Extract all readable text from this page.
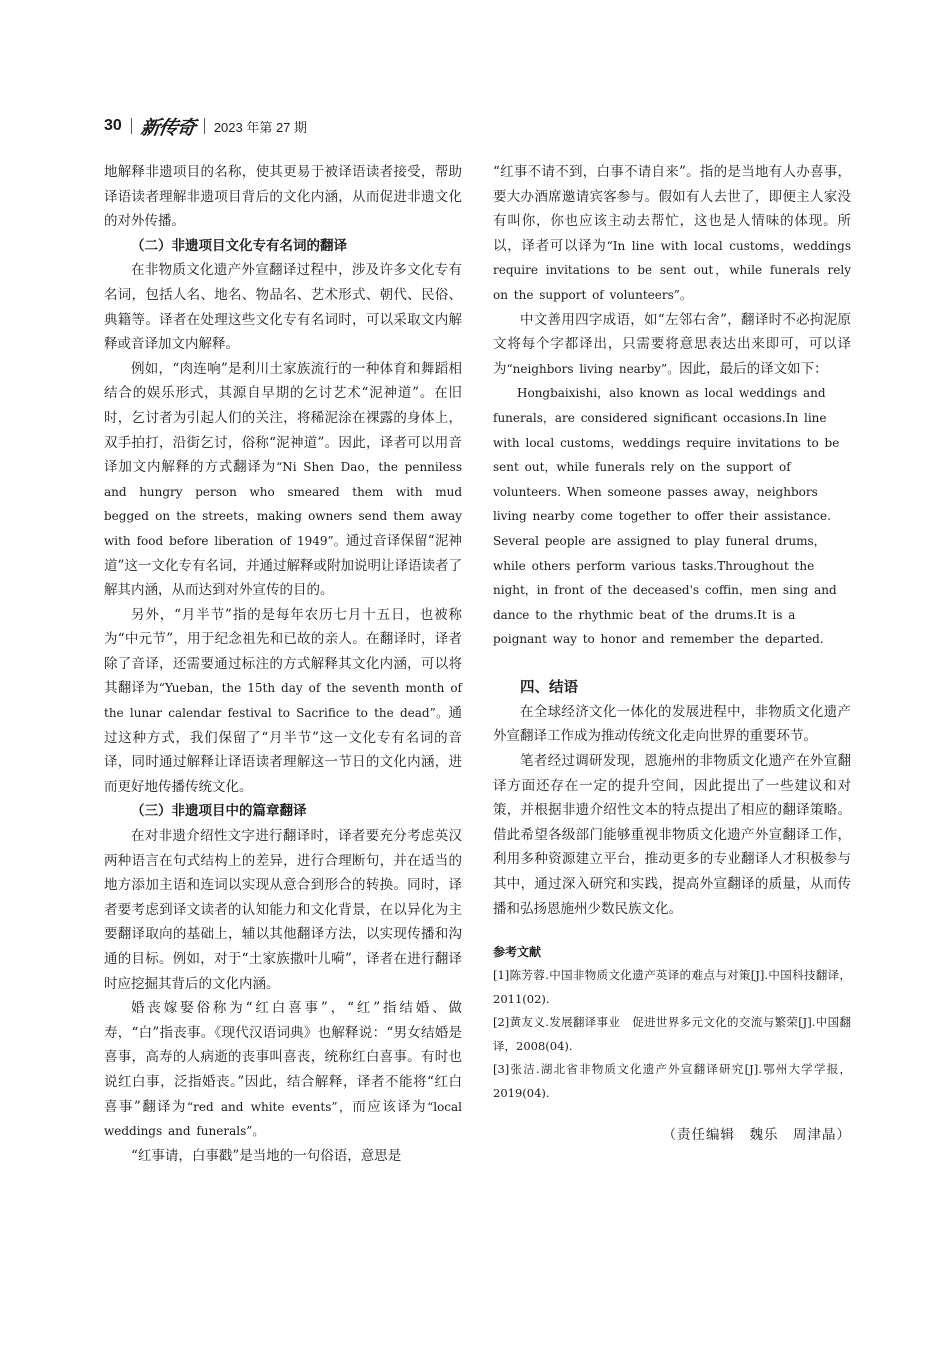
30 新传奇 2023 年第 27 期

地解释非遗项目的名称，使其更易于被译语读者接受，帮助译语读者理解非遗项目背后的文化内涵，从而促进非遗文化的对外传播。

（二）非遗项目文化专有名词的翻译

在非物质文化遗产外宣翻译过程中，涉及许多文化专有名词，包括人名、地名、物品名、艺术形式、朝代、民俗、典籍等。译者在处理这些文化专有名词时，可以采取文内解释或音译加文内解释。

例如，“肉连响”是利川土家族流行的一种体育和舞蹈相结合的娱乐形式，其源自早期的乞讨艺术“泥神道”。在旧时，乞讨者为引起人们的关注，将稀泥涂在裸露的身体上，双手拍打，沿街乞讨，俗称“泥神道”。因此，译者可以用音译加文内解释的方式翻译为“Ni Shen Dao，the penniless and hungry person who smeared them with mud begged on the streets，making owners send them away with food before liberation of 1949”。通过音译保留“泥神道”这一文化专有名词，并通过解释或附加说明让译语读者了解其内涵，从而达到对外宣传的目的。

另外，“月半节”指的是每年农历七月十五日，也被称为“中元节”，用于纪念祖先和已故的亲人。在翻译时，译者除了音译，还需要通过标注的方式解释其文化内涵，可以将其翻译为“Yueban，the 15th day of the seventh month of the lunar calendar festival to Sacrifice to the dead”。通过这种方式，我们保留了“月半节”这一文化专有名词的音译，同时通过解释让译语读者理解这一节日的文化内涵，进而更好地传播传统文化。

（三）非遗项目中的篇章翻译

在对非遗介绍性文字进行翻译时，译者要充分考虑英汉两种语言在句式结构上的差异，进行合理断句，并在适当的地方添加主语和连词以实现从意合到形合的转换。同时，译者要考虑到译文读者的认知能力和文化背景，在以异化为主要翻译取向的基础上，辅以其他翻译方法，以实现传播和沟通的目标。例如，对于“土家族撒叶儿嗬”，译者在进行翻译时应挖掘其背后的文化内涵。

婚丧嫁娶俗称为“红白喜事”，“红”指结婚、做寿，“白”指丧事。《现代汉语词典》也解释说：“男女结婚是喜事，高寿的人病逝的丧事叫喜丧，统称红白喜事。有时也说红白事，泛指婚丧。”因此，结合解释，译者不能将“红白喜事”翻译为“red and white events”，而应该译为“local weddings and funerals”。

“红事请，白事戳”是当地的一句俗语，意思是

“红事不请不到，白事不请自来”。指的是当地有人办喜事，要大办酒席邀请宾客参与。假如有人去世了，即便主人家没有叫你，你也应该主动去帮忙，这也是人情味的体现。所以，译者可以译为“In line with local customs，weddings require invitations to be sent out，while funerals rely on the support of volunteers”。

中文善用四字成语，如“左邻右舍”，翻译时不必拘泥原文将每个字都译出，只需要将意思表达出来即可，可以译为“neighbors living nearby”。因此，最后的译文如下：

Hongbaixishi，also known as local weddings and funerals，are considered significant occasions.In line with local customs，weddings require invitations to be sent out，while funerals rely on the support of volunteers. When someone passes away，neighbors living nearby come together to offer their assistance. Several people are assigned to play funeral drums，while others perform various tasks.Throughout the night，in front of the deceased's coffin，men sing and dance to the rhythmic beat of the drums.It is a poignant way to honor and remember the departed.

四、结语

在全球经济文化一体化的发展进程中，非物质文化遗产外宣翻译工作成为推动传统文化走向世界的重要环节。

笔者经过调研发现，恩施州的非物质文化遗产在外宣翻译方面还存在一定的提升空间，因此提出了一些建议和对策，并根据非遗介绍性文本的特点提出了相应的翻译策略。借此希望各级部门能够重视非物质文化遗产外宣翻译工作，利用多种资源建立平台，推动更多的专业翻译人才积极参与其中，通过深入研究和实践，提高外宣翻译的质量，从而传播和弘扬恩施州少数民族文化。

参考文献

[1]陈芳蓉.中国非物质文化遗产英译的难点与对策[J].中国科技翻译，2011(02).

[2]黄友义.发展翻译事业　促进世界多元文化的交流与繁荣[J].中国翻译，2008(04).

[3]张洁.湖北省非物质文化遗产外宣翻译研究[J].鄂州大学学报，2019(04).

（责任编辑　魏乐　周津晶）
